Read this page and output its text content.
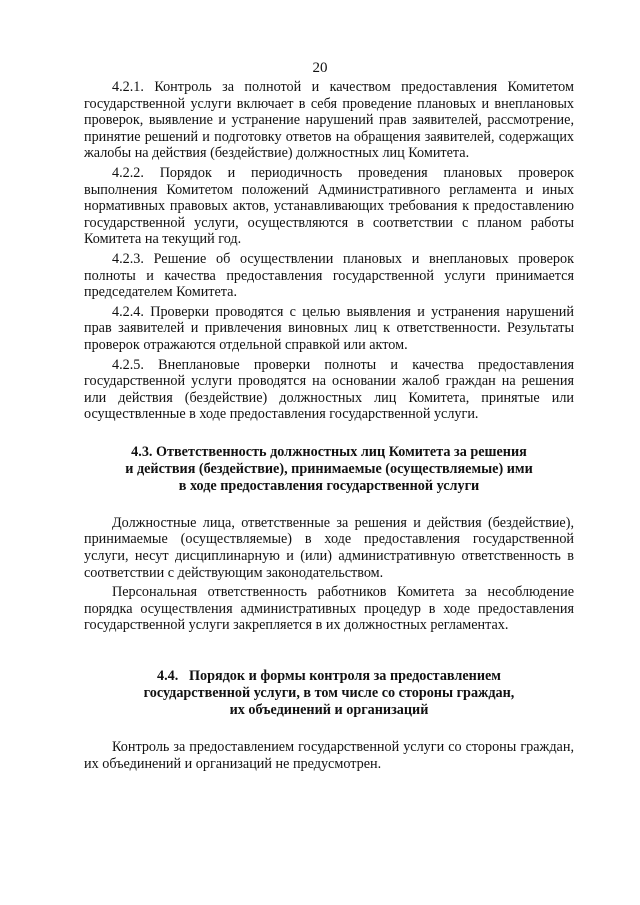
20

4.2.1. Контроль за полнотой и качеством предоставления Комитетом государственной услуги включает в себя проведение плановых и внеплановых проверок, выявление и устранение нарушений прав заявителей, рассмотрение, принятие решений и подготовку ответов на обращения заявителей, содержащих жалобы на действия (бездействие) должностных лиц Комитета.

4.2.2. Порядок и периодичность проведения плановых проверок выполнения Комитетом положений Административного регламента и иных нормативных правовых актов, устанавливающих требования к предоставлению государственной услуги, осуществляются в соответствии с планом работы Комитета на текущий год.

4.2.3. Решение об осуществлении плановых и внеплановых проверок полноты и качества предоставления государственной услуги принимается председателем Комитета.

4.2.4. Проверки проводятся с целью выявления и устранения нарушений прав заявителей и привлечения виновных лиц к ответственности. Результаты проверок отражаются отдельной справкой или актом.

4.2.5. Внеплановые проверки полноты и качества предоставления государственной услуги проводятся на основании жалоб граждан на решения или действия (бездействие) должностных лиц Комитета, принятые или осуществленные в ходе предоставления государственной услуги.

4.3. Ответственность должностных лиц Комитета за решения
и действия (бездействие), принимаемые (осуществляемые) ими
в ходе предоставления государственной услуги

Должностные лица, ответственные за решения и действия (бездействие), принимаемые (осуществляемые) в ходе предоставления государственной услуги, несут дисциплинарную и (или) административную ответственность в соответствии с действующим законодательством.

Персональная ответственность работников Комитета за несоблюдение порядка осуществления административных процедур в ходе предоставления государственной услуги закрепляется в их должностных регламентах.

4.4.   Порядок и формы контроля за предоставлением
государственной услуги, в том числе со стороны граждан,
их объединений и организаций

Контроль за предоставлением государственной услуги со стороны граждан, их объединений и организаций не предусмотрен.
